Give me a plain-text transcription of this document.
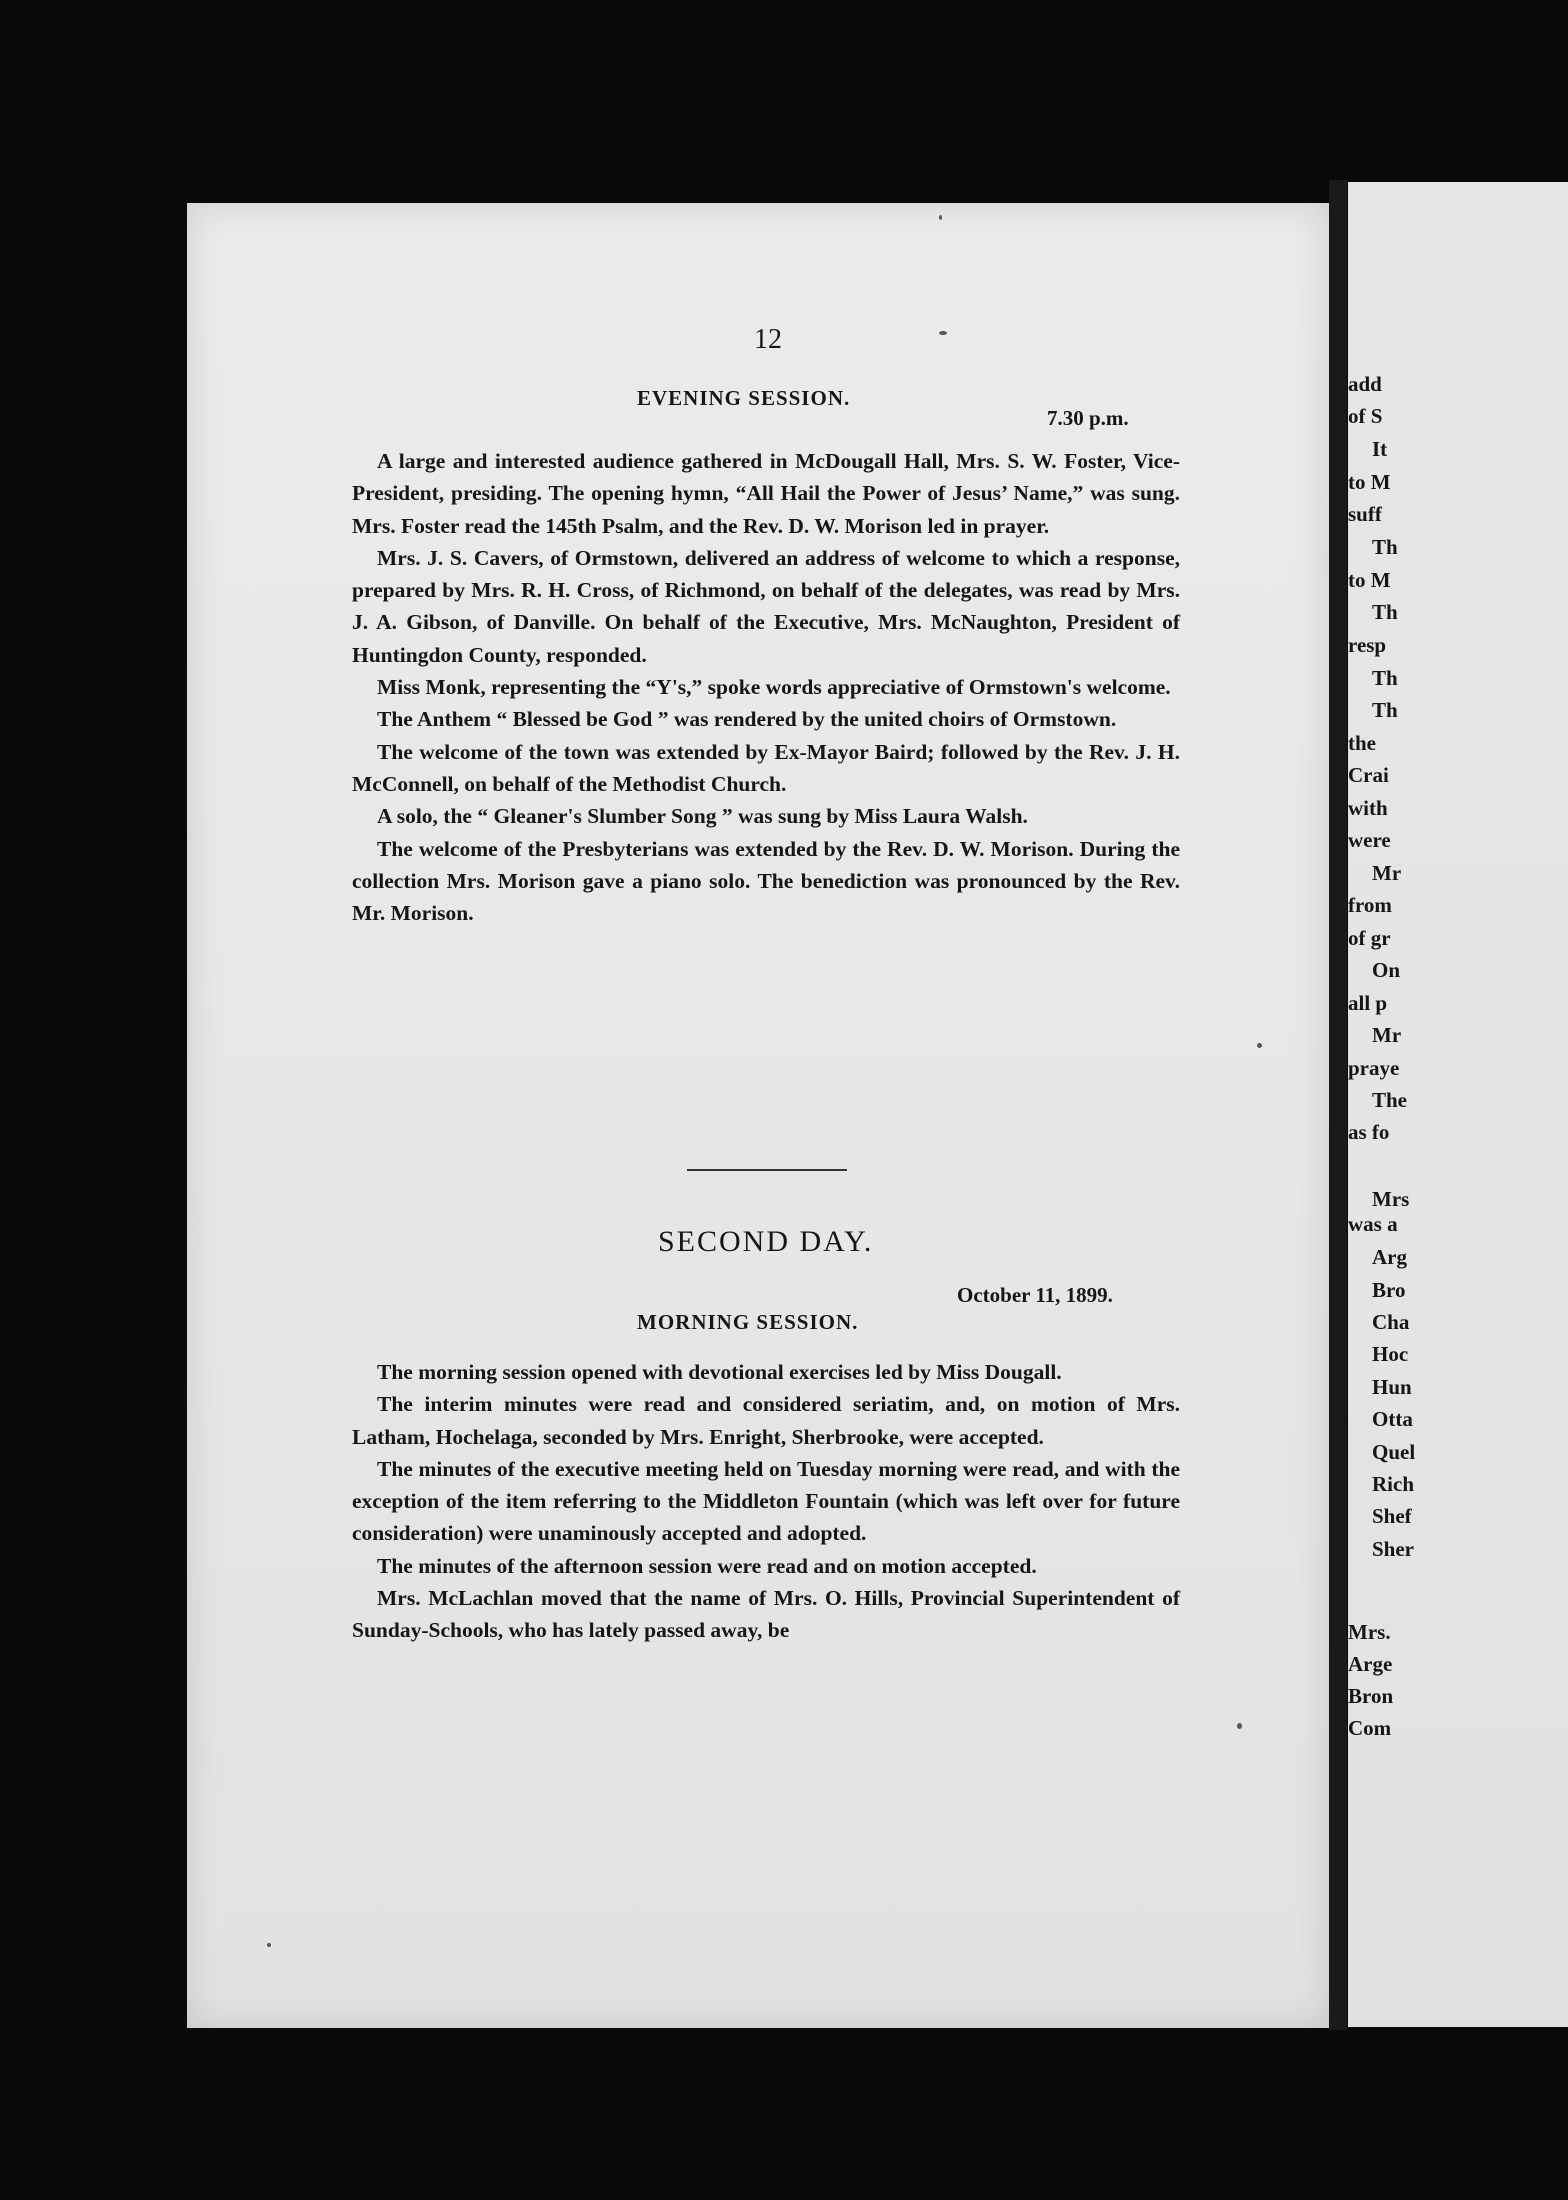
12
EVENING SESSION.
7.30 p.m.

A large and interested audience gathered in McDougall Hall, Mrs. S. W. Foster, Vice-President, presiding. The opening hymn, “All Hail the Power of Jesus’ Name,” was sung. Mrs. Foster read the 145th Psalm, and the Rev. D. W. Morison led in prayer.

Mrs. J. S. Cavers, of Ormstown, delivered an address of welcome to which a response, prepared by Mrs. R. H. Cross, of Richmond, on behalf of the delegates, was read by Mrs. J. A. Gibson, of Danville. On behalf of the Executive, Mrs. McNaughton, President of Huntingdon County, responded.

Miss Monk, representing the “Y's,” spoke words appreciative of Ormstown's welcome.

The Anthem “ Blessed be God ” was rendered by the united choirs of Ormstown.

The welcome of the town was extended by Ex-Mayor Baird; followed by the Rev. J. H. McConnell, on behalf of the Methodist Church.

A solo, the “ Gleaner's Slumber Song ” was sung by Miss Laura Walsh.

The welcome of the Presbyterians was extended by the Rev. D. W. Morison. During the collection Mrs. Morison gave a piano solo. The benediction was pronounced by the Rev. Mr. Morison.

SECOND DAY.
October 11, 1899.
MORNING SESSION.

The morning session opened with devotional exercises led by Miss Dougall.

The interim minutes were read and considered seriatim, and, on motion of Mrs. Latham, Hochelaga, seconded by Mrs. Enright, Sherbrooke, were accepted.

The minutes of the executive meeting held on Tuesday morning were read, and with the exception of the item referring to the Middleton Fountain (which was left over for future consideration) were unaminously accepted and adopted.

The minutes of the afternoon session were read and on motion accepted.

Mrs. McLachlan moved that the name of Mrs. O. Hills, Provincial Superintendent of Sunday-Schools, who has lately passed away, be

add
of S
It
to M
suff
Th
to M
Th
resp
Th
Th
the
Crai
with
were
Mr
from
of gr
On
all p
Mr
praye
The
as fo
Mrs
was a
Arg
Bro
Cha
Hoc
Hun
Otta
Quel
Rich
Shef
Sher
Mrs.
Arge
Bron
Com
